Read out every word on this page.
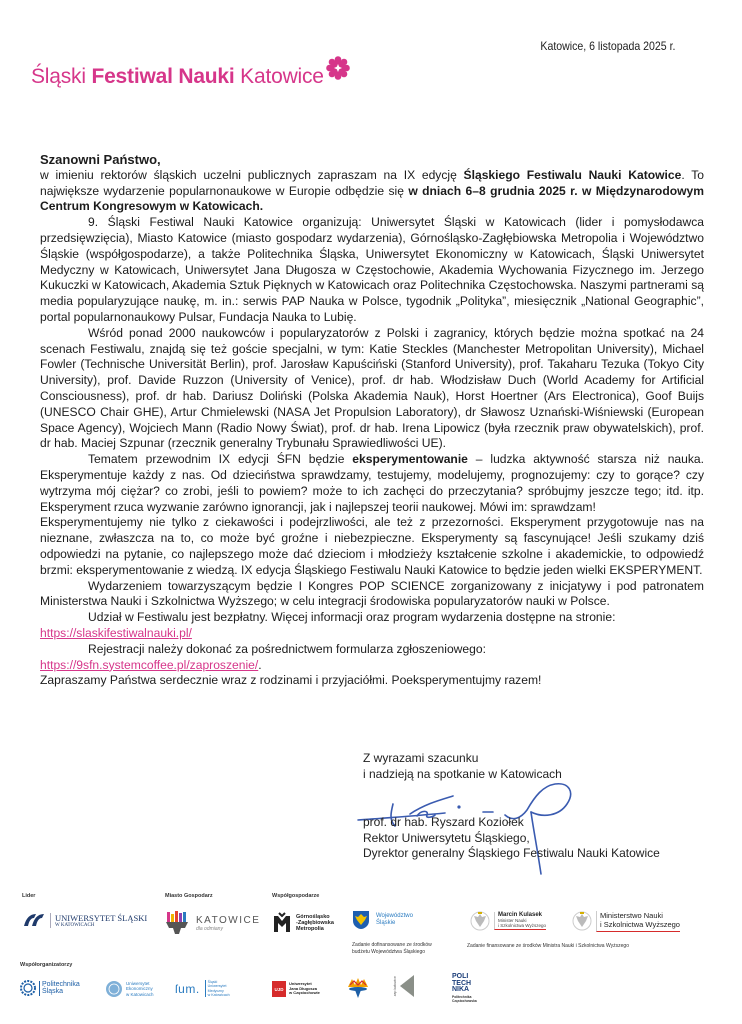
Katowice, 6 listopada 2025 r.
Śląski Festiwal Nauki Katowice

Szanowni Państwo,

w imieniu rektorów śląskich uczelni publicznych zapraszam na IX edycję Śląskiego Festiwalu Nauki Katowice. To największe wydarzenie popularnonaukowe w Europie odbędzie się w dniach 6–8 grudnia 2025 r. w Międzynarodowym Centrum Kongresowym w Katowicach.

9. Śląski Festiwal Nauki Katowice organizują: Uniwersytet Śląski w Katowicach (lider i pomysłodawca przedsięwzięcia), Miasto Katowice (miasto gospodarz wydarzenia), Górnośląsko-Zagłębiowska Metropolia i Województwo Śląskie (współgospodarze), a także Politechnika Śląska, Uniwersytet Ekonomiczny w Katowicach, Śląski Uniwersytet Medyczny w Katowicach, Uniwersytet Jana Długosza w Częstochowie, Akademia Wychowania Fizycznego im. Jerzego Kukuczki w Katowicach, Akademia Sztuk Pięknych w Katowicach oraz Politechnika Częstochowska. Naszymi partnerami są media popularyzujące naukę, m. in.: serwis PAP Nauka w Polsce, tygodnik „Polityka”, miesięcznik „National Geographic”, portal popularnonaukowy Pulsar, Fundacja Nauka to Lubię.

Wśród ponad 2000 naukowców i popularyzatorów z Polski i zagranicy, których będzie można spotkać na 24 scenach Festiwalu, znajdą się też goście specjalni, w tym: Katie Steckles (Manchester Metropolitan University), Michael Fowler (Technische Universität Berlin), prof. Jarosław Kapuściński (Stanford University), prof. Takaharu Tezuka (Tokyo City University), prof. Davide Ruzzon (University of Venice), prof. dr hab. Włodzisław Duch (World Academy for Artificial Consciousness), prof. dr hab. Dariusz Doliński (Polska Akademia Nauk), Horst Hoertner (Ars Electronica), Goof Buijs (UNESCO Chair GHE), Artur Chmielewski (NASA Jet Propulsion Laboratory), dr Sławosz Uznański-Wiśniewski (European Space Agency), Wojciech Mann (Radio Nowy Świat), prof. dr hab. Irena Lipowicz (była rzecznik praw obywatelskich), prof. dr hab. Maciej Szpunar (rzecznik generalny Trybunału Sprawiedliwości UE).

Tematem przewodnim IX edycji ŚFN będzie eksperymentowanie – ludzka aktywność starsza niż nauka. Eksperymentuje każdy z nas. Od dzieciństwa sprawdzamy, testujemy, modelujemy, prognozujemy: czy to gorące? czy wytrzyma mój ciężar? co zrobi, jeśli to powiem? może to ich zachęci do przeczytania? spróbujmy jeszcze tego; itd. itp. Eksperyment rzuca wyzwanie zarówno ignorancji, jak i najlepszej teorii naukowej. Mówi im: sprawdzam!

Eksperymentujemy nie tylko z ciekawości i podejrzliwości, ale też z przezorności. Eksperyment przygotowuje nas na nieznane, zwłaszcza na to, co może być groźne i niebezpieczne. Eksperymenty są fascynujące! Jeśli szukamy dziś odpowiedzi na pytanie, co najlepszego może dać dzieciom i młodzieży kształcenie szkolne i akademickie, to odpowiedź brzmi: eksperymentowanie z wiedzą. IX edycja Śląskiego Festiwalu Nauki Katowice to będzie jeden wielki EKSPERYMENT.

Wydarzeniem towarzyszącym będzie I Kongres POP SCIENCE zorganizowany z inicjatywy i pod patronatem Ministerstwa Nauki i Szkolnictwa Wyższego; w celu integracji środowiska popularyzatorów nauki w Polsce.

Udział w Festiwalu jest bezpłatny. Więcej informacji oraz program wydarzenia dostępne na stronie:

https://slaskifestiwalnauki.pl/

Rejestracji należy dokonać za pośrednictwem formularza zgłoszeniowego:

https://9sfn.systemcoffee.pl/zaproszenie/.

Zapraszamy Państwa serdecznie wraz z rodzinami i przyjaciółmi. Poeksperymentujmy razem!

Z wyrazami szacunku
i nadzieją na spotkanie w Katowicach
prof. dr hab. Ryszard Koziołek
Rektor Uniwersytetu Śląskiego,
Dyrektor generalny Śląskiego Festiwalu Nauki Katowice
Lider	Miasto Gospodarz	Współgospodarze
UNIWERSYTET ŚLĄSKI
W KATOWICACH	KATOWICE
dla odmiany
Górnośląsko
-Zagłębiowska
Metropolia
Województwo
Śląskie
Zadanie dofinansowane ze środków
budżetu Województwa Śląskiego
Marcin Kulasek
Minister Nauki
i Szkolnictwa Wyższego
Ministerstwo Nauki
i Szkolnictwa Wyższego
Zadanie finansowane ze środków Ministra Nauki i Szkolnictwa Wyższego
Współorganizatorzy
Politechnika
Śląska
Uniwersytet
Ekonomiczny
w Katowicach ſum. Śląski
Uniwersytet
Medyczny
w Katowicach
UJD
Uniwersytet
Jana Długosza
w Częstochowie	asp katowice	POLI
TECH
NIKA
Politechnika
Częstochowska
